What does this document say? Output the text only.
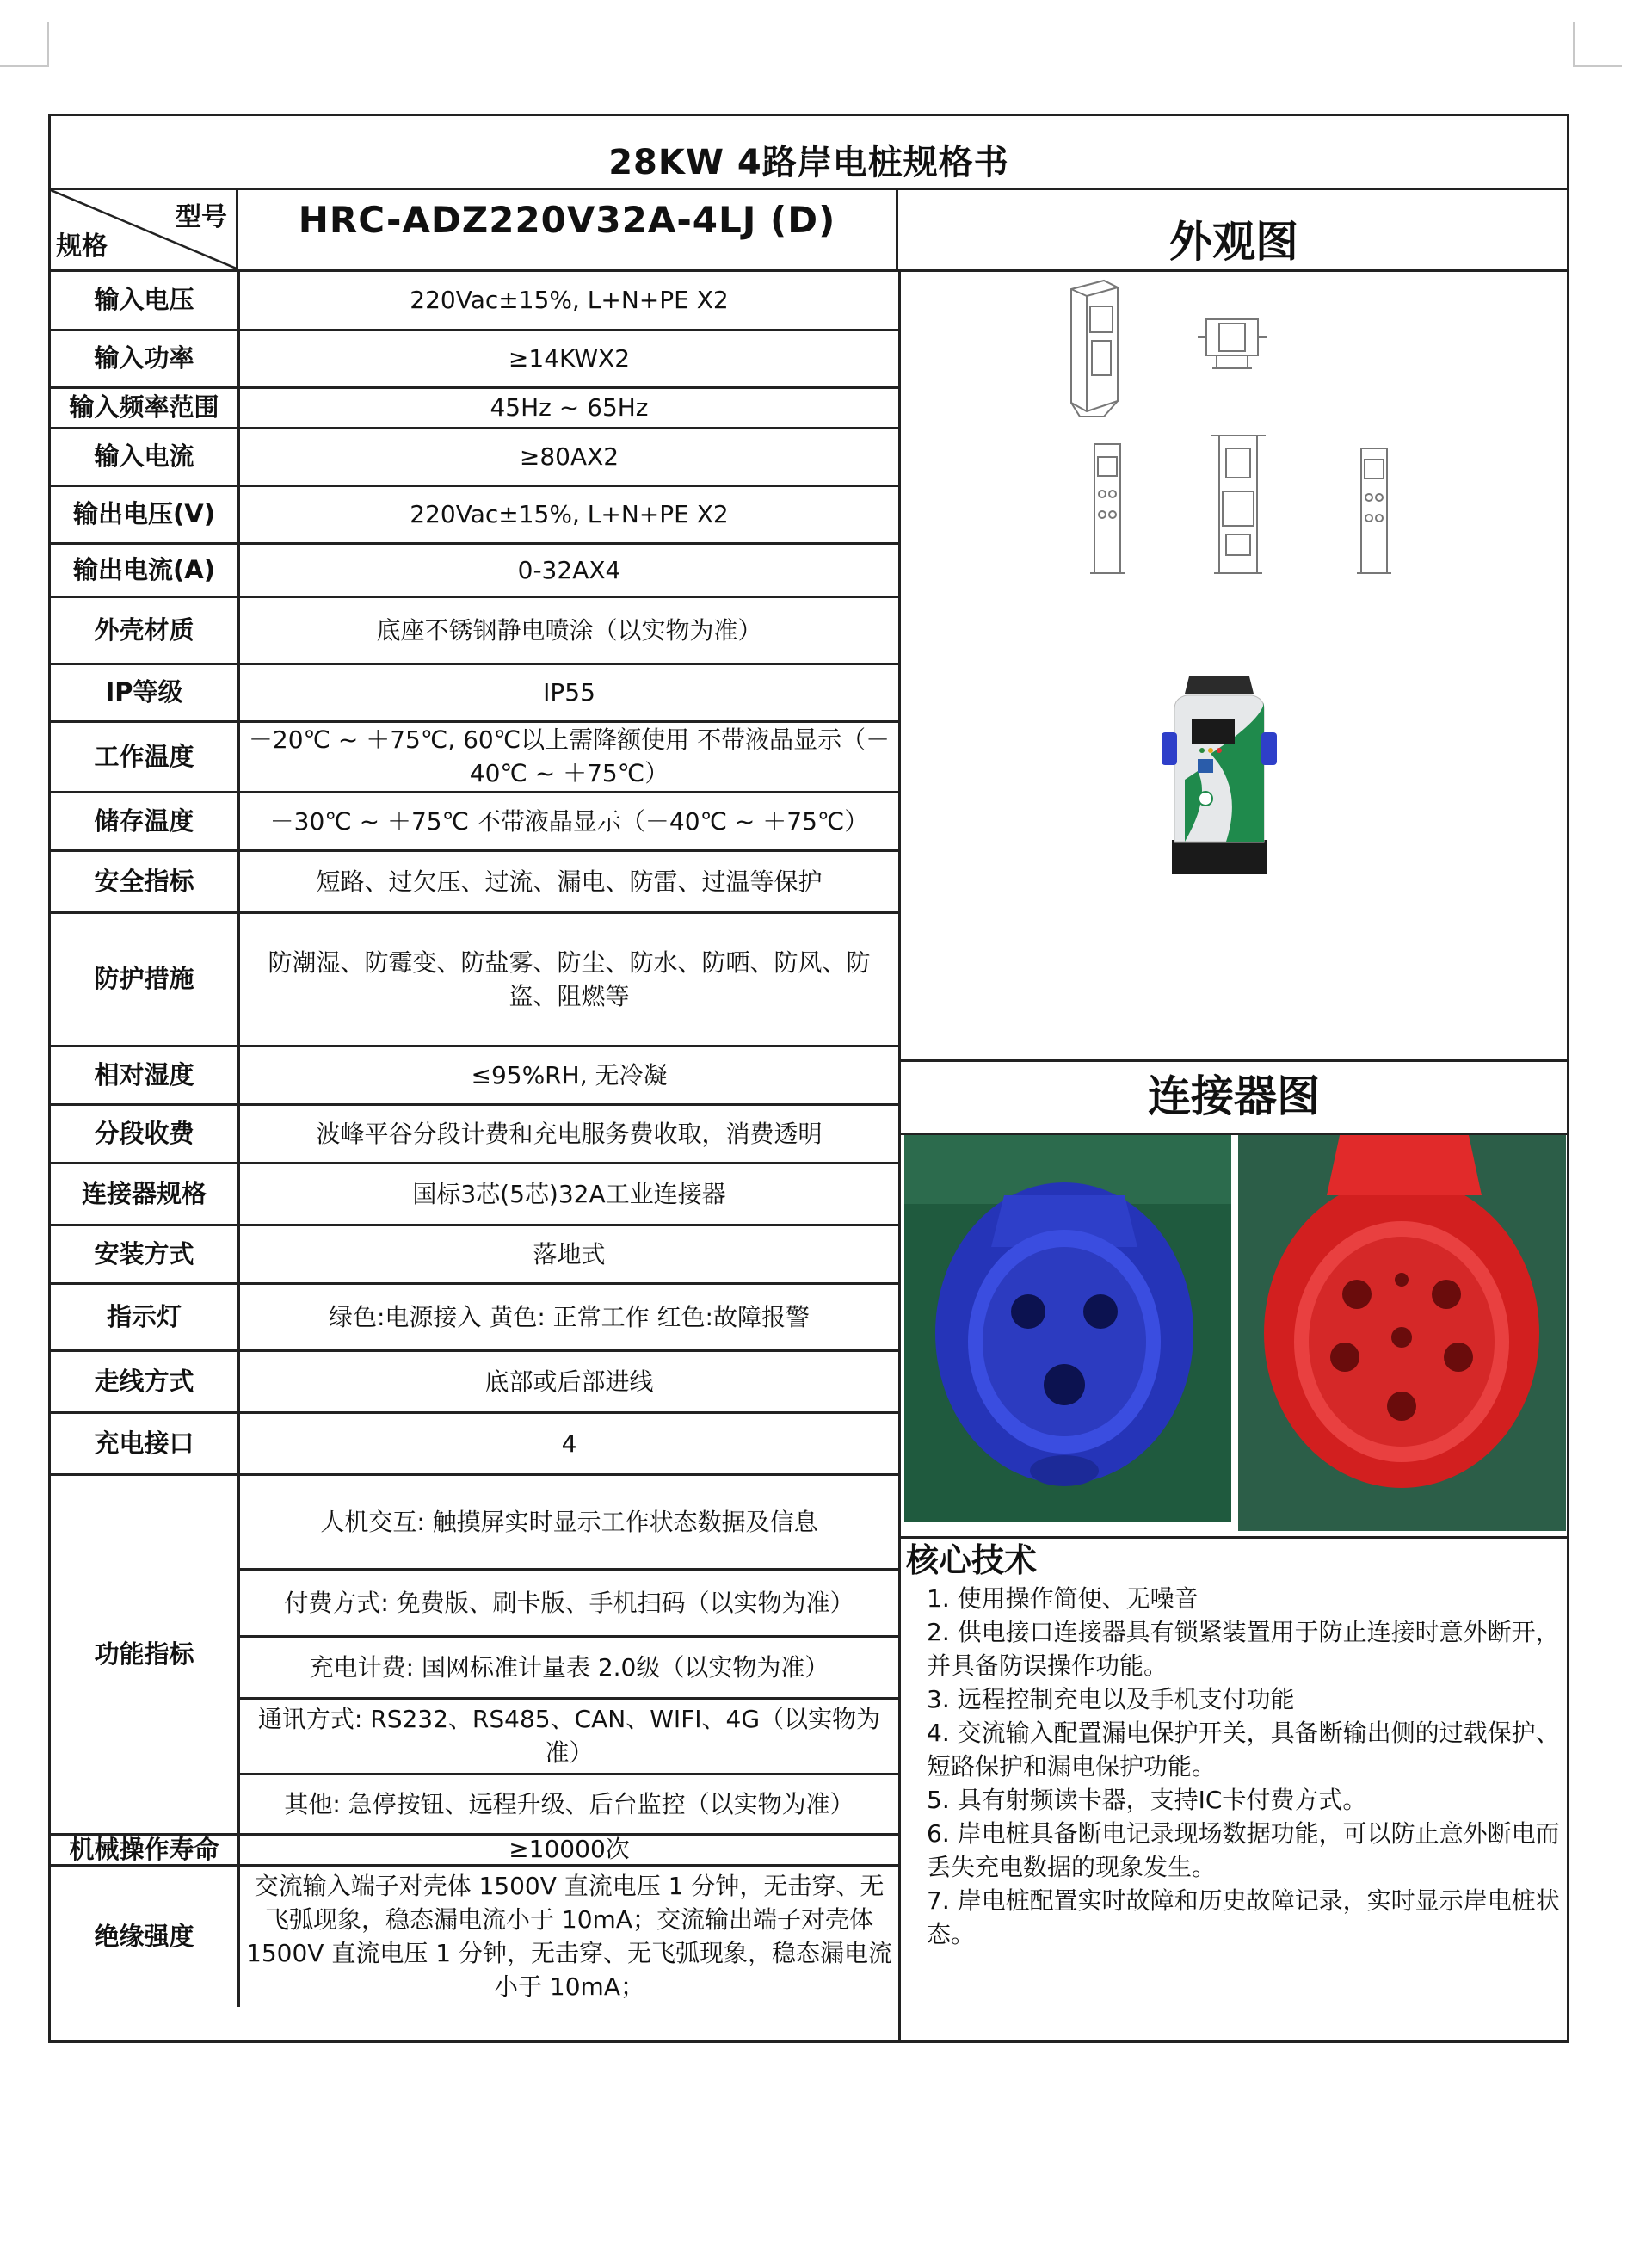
28KW 4路岸电桩规格书
型号
规格
HRC-ADZ220V32A-4LJ (D)	外观图
输入电压	220Vac±15%, L+N+PE X2
输入功率	≥14KWX2
输入频率范围	45Hz ~ 65Hz
输入电流	≥80AX2
输出电压(V)	220Vac±15%, L+N+PE X2
输出电流(A)	0-32AX4
外壳材质	底座不锈钢静电喷涂（以实物为准）
IP等级	IP55
工作温度	－20℃ ~ ＋75℃, 60℃以上需降额使用 不带液晶显示（－40℃ ~ ＋75℃）
储存温度	－30℃ ~ ＋75℃ 不带液晶显示（－40℃ ~ ＋75℃）
安全指标	短路、过欠压、过流、漏电、防雷、过温等保护
防护措施	防潮湿、防霉变、防盐雾、防尘、防水、防晒、防风、防盗、阻燃等
相对湿度	≤95%RH, 无冷凝
分段收费	波峰平谷分段计费和充电服务费收取，消费透明
连接器规格	国标3芯(5芯)32A工业连接器
安装方式	落地式
指示灯	绿色:电源接入 黄色: 正常工作 红色:故障报警
走线方式	底部或后部进线
充电接口	4
功能指标	人机交互: 触摸屏实时显示工作状态数据及信息
	付费方式: 免费版、刷卡版、手机扫码（以实物为准）
	充电计费: 国网标准计量表 2.0级（以实物为准）
	通讯方式: RS232、RS485、CAN、WIFI、4G（以实物为准）
	其他: 急停按钮、远程升级、后台监控（以实物为准）
机械操作寿命	≥10000次
绝缘强度	交流输入端子对壳体 1500V 直流电压 1 分钟，无击穿、无飞弧现象，稳态漏电流小于 10mA；交流输出端子对壳体 1500V 直流电压 1 分钟，无击穿、无飞弧现象，稳态漏电流小于 10mA；
连接器图
核心技术
1. 使用操作简便、无噪音
2. 供电接口连接器具有锁紧装置用于防止连接时意外断开，并具备防误操作功能。
3. 远程控制充电以及手机支付功能
4. 交流输入配置漏电保护开关，具备断输出侧的过载保护、短路保护和漏电保护功能。
5. 具有射频读卡器，支持IC卡付费方式。
6. 岸电桩具备断电记录现场数据功能，可以防止意外断电而丢失充电数据的现象发生。
7. 岸电桩配置实时故障和历史故障记录，实时显示岸电桩状态。
